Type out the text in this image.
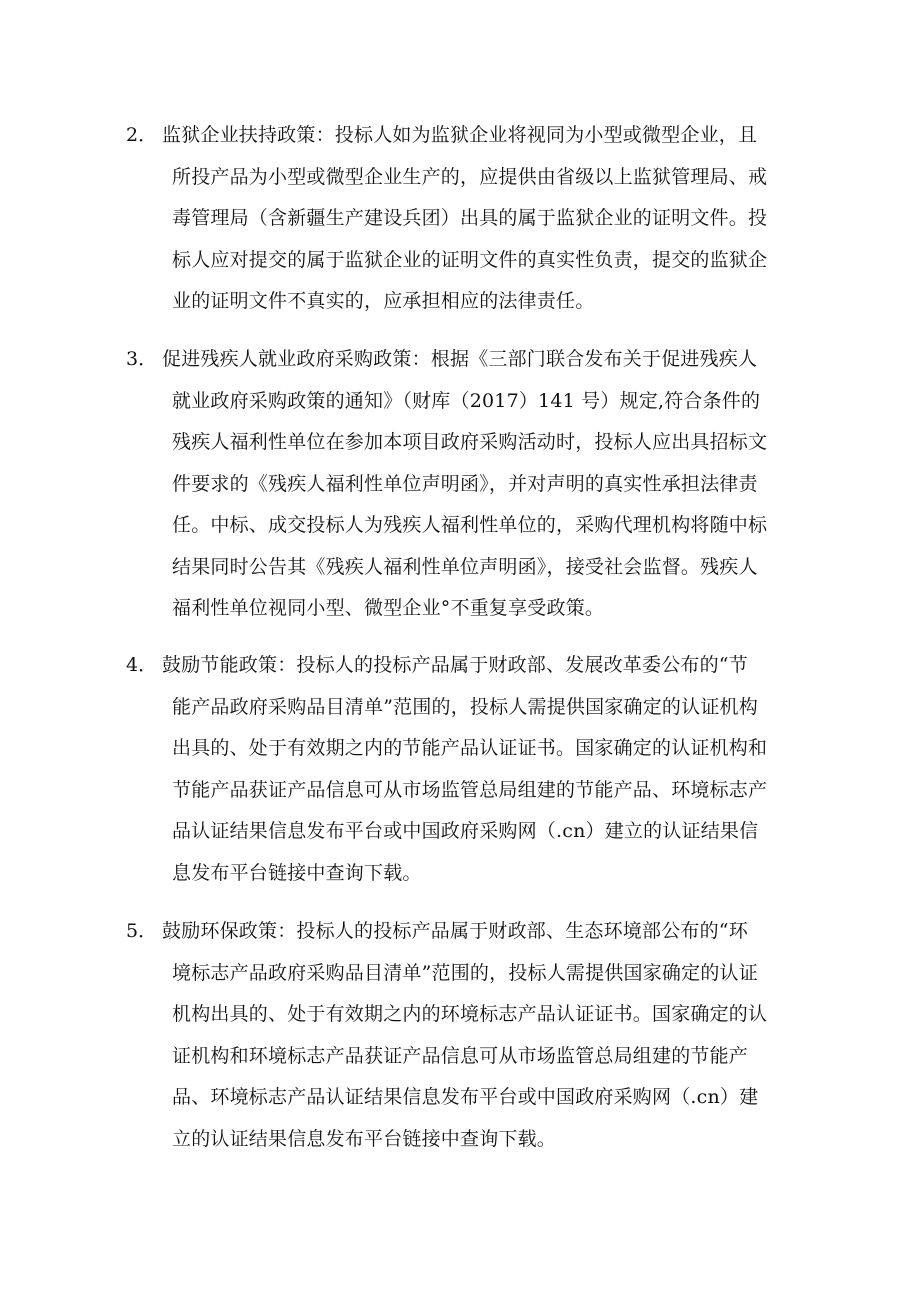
2． 监狱企业扶持政策：投标人如为监狱企业将视同为小型或微型企业，且
所投产品为小型或微型企业生产的，应提供由省级以上监狱管理局、戒
毒管理局（含新疆生产建设兵团）出具的属于监狱企业的证明文件。投
标人应对提交的属于监狱企业的证明文件的真实性负责，提交的监狱企
业的证明文件不真实的，应承担相应的法律责任。
3． 促进残疾人就业政府采购政策：根据《三部门联合发布关于促进残疾人
就业政府采购政策的通知》（财库（2017）141 号）规定,符合条件的
残疾人福利性单位在参加本项目政府采购活动时，投标人应出具招标文
件要求的《残疾人福利性单位声明函》，并对声明的真实性承担法律责
任。中标、成交投标人为残疾人福利性单位的，采购代理机构将随中标
结果同时公告其《残疾人福利性单位声明函》，接受社会监督。残疾人
福利性单位视同小型、微型企业°不重复享受政策。
4． 鼓励节能政策：投标人的投标产品属于财政部、发展改革委公布的“节
能产品政府采购品目清单”范围的，投标人需提供国家确定的认证机构
出具的、处于有效期之内的节能产品认证证书。国家确定的认证机构和
节能产品获证产品信息可从市场监管总局组建的节能产品、环境标志产
品认证结果信息发布平台或中国政府采购网（.cn）建立的认证结果信
息发布平台链接中查询下载。
5． 鼓励环保政策：投标人的投标产品属于财政部、生态环境部公布的“环
境标志产品政府采购品目清单”范围的，投标人需提供国家确定的认证
机构出具的、处于有效期之内的环境标志产品认证证书。国家确定的认
证机构和环境标志产品获证产品信息可从市场监管总局组建的节能产
品、环境标志产品认证结果信息发布平台或中国政府采购网（.cn）建
立的认证结果信息发布平台链接中查询下载。
